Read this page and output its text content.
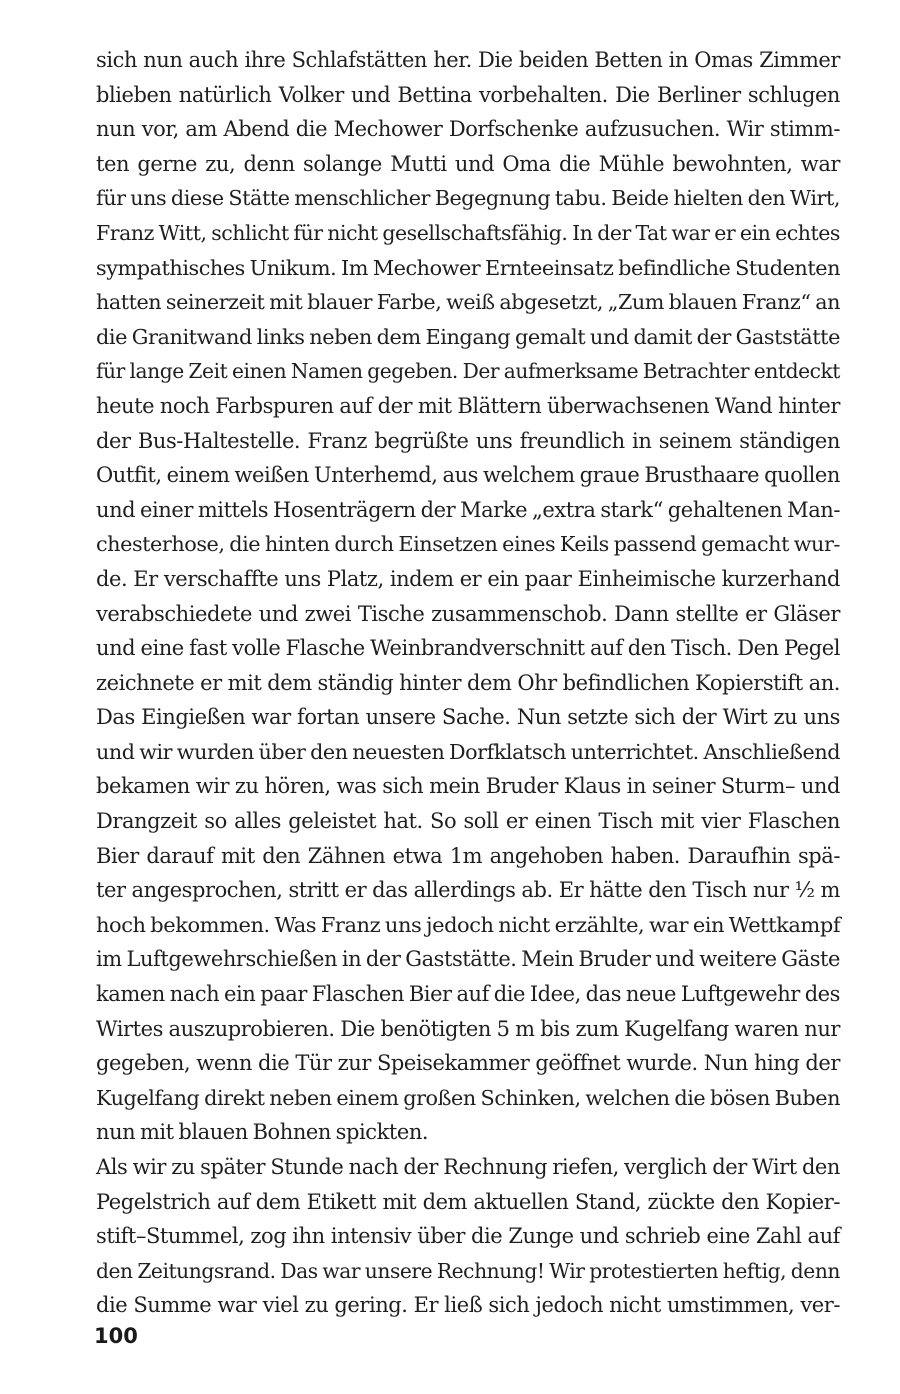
sich nun auch ihre Schlafstätten her. Die beiden Betten in Omas Zimmer
blieben natürlich Volker und Bettina vorbehalten. Die Berliner schlugen
nun vor, am Abend die Mechower Dorfschenke aufzusuchen. Wir stimm-
ten gerne zu, denn solange Mutti und Oma die Mühle bewohnten, war
für uns diese Stätte menschlicher Begegnung tabu. Beide hielten den Wirt,
Franz Witt, schlicht für nicht gesellschaftsfähig. In der Tat war er ein echtes
sympathisches Unikum. Im Mechower Ernteeinsatz befindliche Studenten
hatten seinerzeit mit blauer Farbe, weiß abgesetzt, „Zum blauen Franz“ an
die Granitwand links neben dem Eingang gemalt und damit der Gaststätte
für lange Zeit einen Namen gegeben. Der aufmerksame Betrachter entdeckt
heute noch Farbspuren auf der mit Blättern überwachsenen Wand hinter
der Bus-Haltestelle. Franz begrüßte uns freundlich in seinem ständigen
Outfit, einem weißen Unterhemd, aus welchem graue Brusthaare quollen
und einer mittels Hosenträgern der Marke „extra stark“ gehaltenen Man-
chesterhose, die hinten durch Einsetzen eines Keils passend gemacht wur-
de. Er verschaffte uns Platz, indem er ein paar Einheimische kurzerhand
verabschiedete und zwei Tische zusammenschob. Dann stellte er Gläser
und eine fast volle Flasche Weinbrandverschnitt auf den Tisch. Den Pegel
zeichnete er mit dem ständig hinter dem Ohr befindlichen Kopierstift an.
Das Eingießen war fortan unsere Sache. Nun setzte sich der Wirt zu uns
und wir wurden über den neuesten Dorfklatsch unterrichtet. Anschließend
bekamen wir zu hören, was sich mein Bruder Klaus in seiner Sturm– und
Drangzeit so alles geleistet hat. So soll er einen Tisch mit vier Flaschen
Bier darauf mit den Zähnen etwa 1m angehoben haben. Daraufhin spä-
ter angesprochen, stritt er das allerdings ab. Er hätte den Tisch nur ½ m
hoch bekommen. Was Franz uns jedoch nicht erzählte, war ein Wettkampf
im Luftgewehrschießen in der Gaststätte. Mein Bruder und weitere Gäste
kamen nach ein paar Flaschen Bier auf die Idee, das neue Luftgewehr des
Wirtes auszuprobieren. Die benötigten 5 m bis zum Kugelfang waren nur
gegeben, wenn die Tür zur Speisekammer geöffnet wurde. Nun hing der
Kugelfang direkt neben einem großen Schinken, welchen die bösen Buben
nun mit blauen Bohnen spickten.
Als wir zu später Stunde nach der Rechnung riefen, verglich der Wirt den
Pegelstrich auf dem Etikett mit dem aktuellen Stand, zückte den Kopier-
stift–Stummel, zog ihn intensiv über die Zunge und schrieb eine Zahl auf
den Zeitungsrand. Das war unsere Rechnung! Wir protestierten heftig, denn
die Summe war viel zu gering. Er ließ sich jedoch nicht umstimmen, ver-
100
